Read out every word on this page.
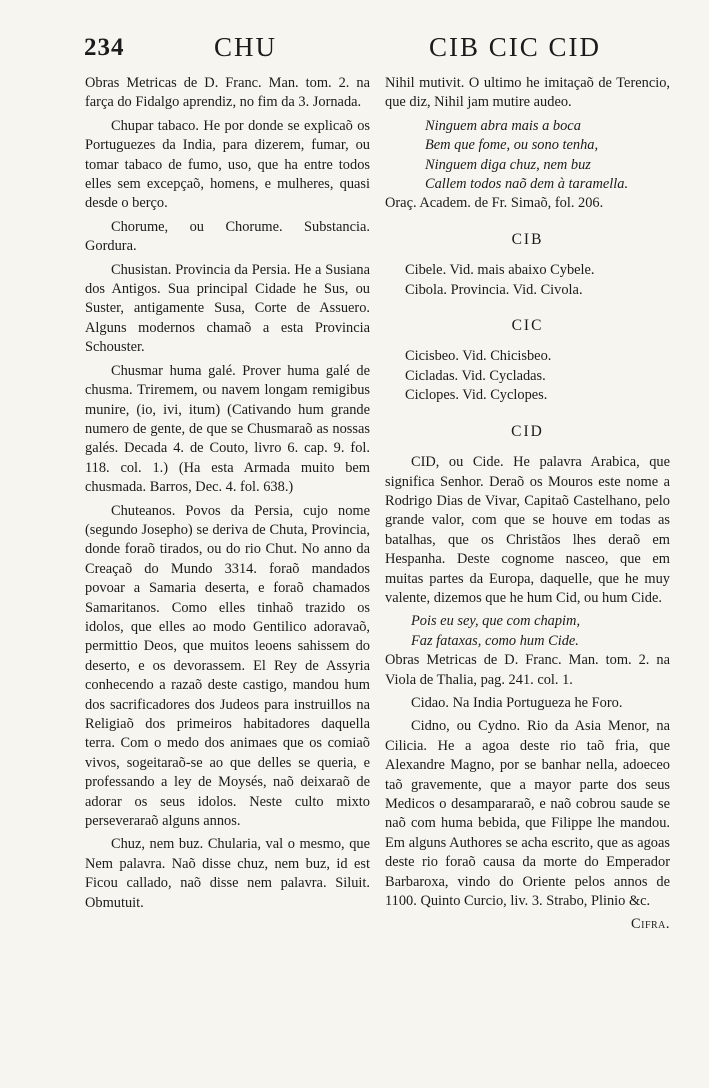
234	CHU	CIB CIC CID

Obras Metricas de D. Franc. Man. tom. 2. na farça do Fidalgo aprendiz, no fim da 3. Jornada.

Chupar tabaco. He por donde se explicaõ os Portuguezes da India, para dizerem, fumar, ou tomar tabaco de fumo, uso, que ha entre todos elles sem excepçaõ, homens, e mulheres, quasi desde o berço.

Chorume, ou Chorume. Substancia. Gordura.

Chusistan. Provincia da Persia. He a Susiana dos Antigos. Sua principal Cidade he Sus, ou Suster, antigamente Susa, Corte de Assuero. Alguns modernos chamaõ a esta Provincia Schouster.

Chusmar huma galé. Prover huma galé de chusma. Triremem, ou navem longam remigibus munire, (io, ivi, itum) (Cativando hum grande numero de gente, de que se Chusmaraõ as nossas galés. Decada 4. de Couto, livro 6. cap. 9. fol. 118. col. 1.) (Ha esta Armada muito bem chusmada. Barros, Dec. 4. fol. 638.)

Chuteanos. Povos da Persia, cujo nome (segundo Josepho) se deriva de Chuta, Provincia, donde foraõ tirados, ou do rio Chut. No anno da Creaçaõ do Mundo 3314. foraõ mandados povoar a Samaria deserta, e foraõ chamados Samaritanos. Como elles tinhaõ trazido os idolos, que elles ao modo Gentilico adoravaõ, permittio Deos, que muitos leoens sahissem do deserto, e os devorassem. El Rey de Assyria conhecendo a razaõ deste castigo, mandou hum dos sacrificadores dos Judeos para instruillos na Religiaõ dos primeiros habitadores daquella terra. Com o medo dos animaes que os comiaõ vivos, sogeitaraõ-se ao que delles se queria, e professando a ley de Moysés, naõ deixaraõ de adorar os seus idolos. Neste culto mixto perseveraraõ alguns annos.

Chuz, nem buz. Chularia, val o mesmo, que Nem palavra. Naõ disse chuz, nem buz, id est Ficou callado, naõ disse nem palavra. Siluit. Obmutuit.

Nihil mutivit. O ultimo he imitaçaõ de Terencio, que diz, Nihil jam mutire audeo.

Ninguem abra mais a boca

Bem que fome, ou sono tenha,

Ninguem diga chuz, nem buz

Callem todos naõ dem à taramella.

Oraç. Academ. de Fr. Simaõ, fol. 206.

CIB

Cibele. Vid. mais abaixo Cybele.

Cibola. Provincia. Vid. Civola.

CIC

Cicisbeo. Vid. Chicisbeo.

Cicladas. Vid. Cycladas.

Ciclopes. Vid. Cyclopes.

CID

CID, ou Cide. He palavra Arabica, que significa Senhor. Deraõ os Mouros este nome a Rodrigo Dias de Vivar, Capitaõ Castelhano, pelo grande valor, com que se houve em todas as batalhas, que os Christãos lhes deraõ em Hespanha. Deste cognome nasceo, que em muitas partes da Europa, daquelle, que he muy valente, dizemos que he hum Cid, ou hum Cide.

Pois eu sey, que com chapim,

Faz fataxas, como hum Cide.

Obras Metricas de D. Franc. Man. tom. 2. na Viola de Thalia, pag. 241. col. 1.

Cidao. Na India Portugueza he Foro.

Cidno, ou Cydno. Rio da Asia Menor, na Cilicia. He a agoa deste rio taõ fria, que Alexandre Magno, por se banhar nella, adoeceo taõ gravemente, que a mayor parte dos seus Medicos o desampararaõ, e naõ cobrou saude se naõ com huma bebida, que Filippe lhe mandou. Em alguns Authores se acha escrito, que as agoas deste rio foraõ causa da morte do Emperador Barbaroxa, vindo do Oriente pelos annos de 1100. Quinto Curcio, liv. 3. Strabo, Plinio &c.

Cifra.
